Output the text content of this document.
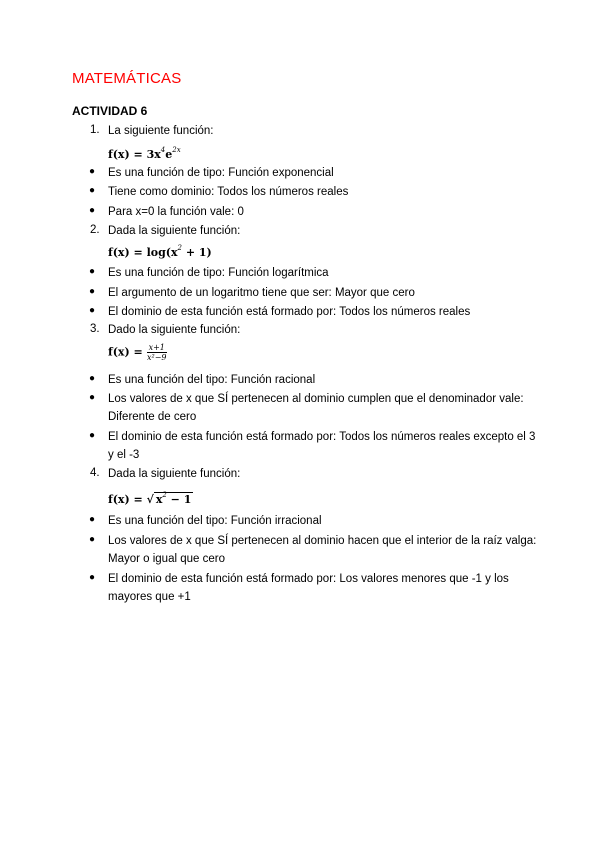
MATEMÁTICAS
ACTIVIDAD 6
1. La siguiente función:
$f(x) = 3x^4e^{2x}$
● Es una función de tipo: Función exponencial
● Tiene como dominio: Todos los números reales
● Para x=0 la función vale: 0
2. Dada la siguiente función:
$f(x) = \log(x^2 + 1)$
● Es una función de tipo: Función logarítmica
● El argumento de un logaritmo tiene que ser: Mayor que cero
● El dominio de esta función está formado por: Todos los números reales
3. Dado la siguiente función:
$f(x) = \frac{x+1}{\text{x²−9}}$
● Es una función del tipo: Función racional
● Los valores de x que SÍ pertenecen al dominio cumplen que el denominador vale:
Diferente de cero
● El dominio de esta función está formado por: Todos los números reales excepto el 3
y el -3
4. Dada la siguiente función:
f(x) = √ $x^2 - 1$
● Es una función del tipo: Función irracional
● Los valores de x que SÍ pertenecen al dominio hacen que el interior de la raíz valga:
Mayor o igual que cero
● El dominio de esta función está formado por: Los valores menores que -1 y los
mayores que +1
